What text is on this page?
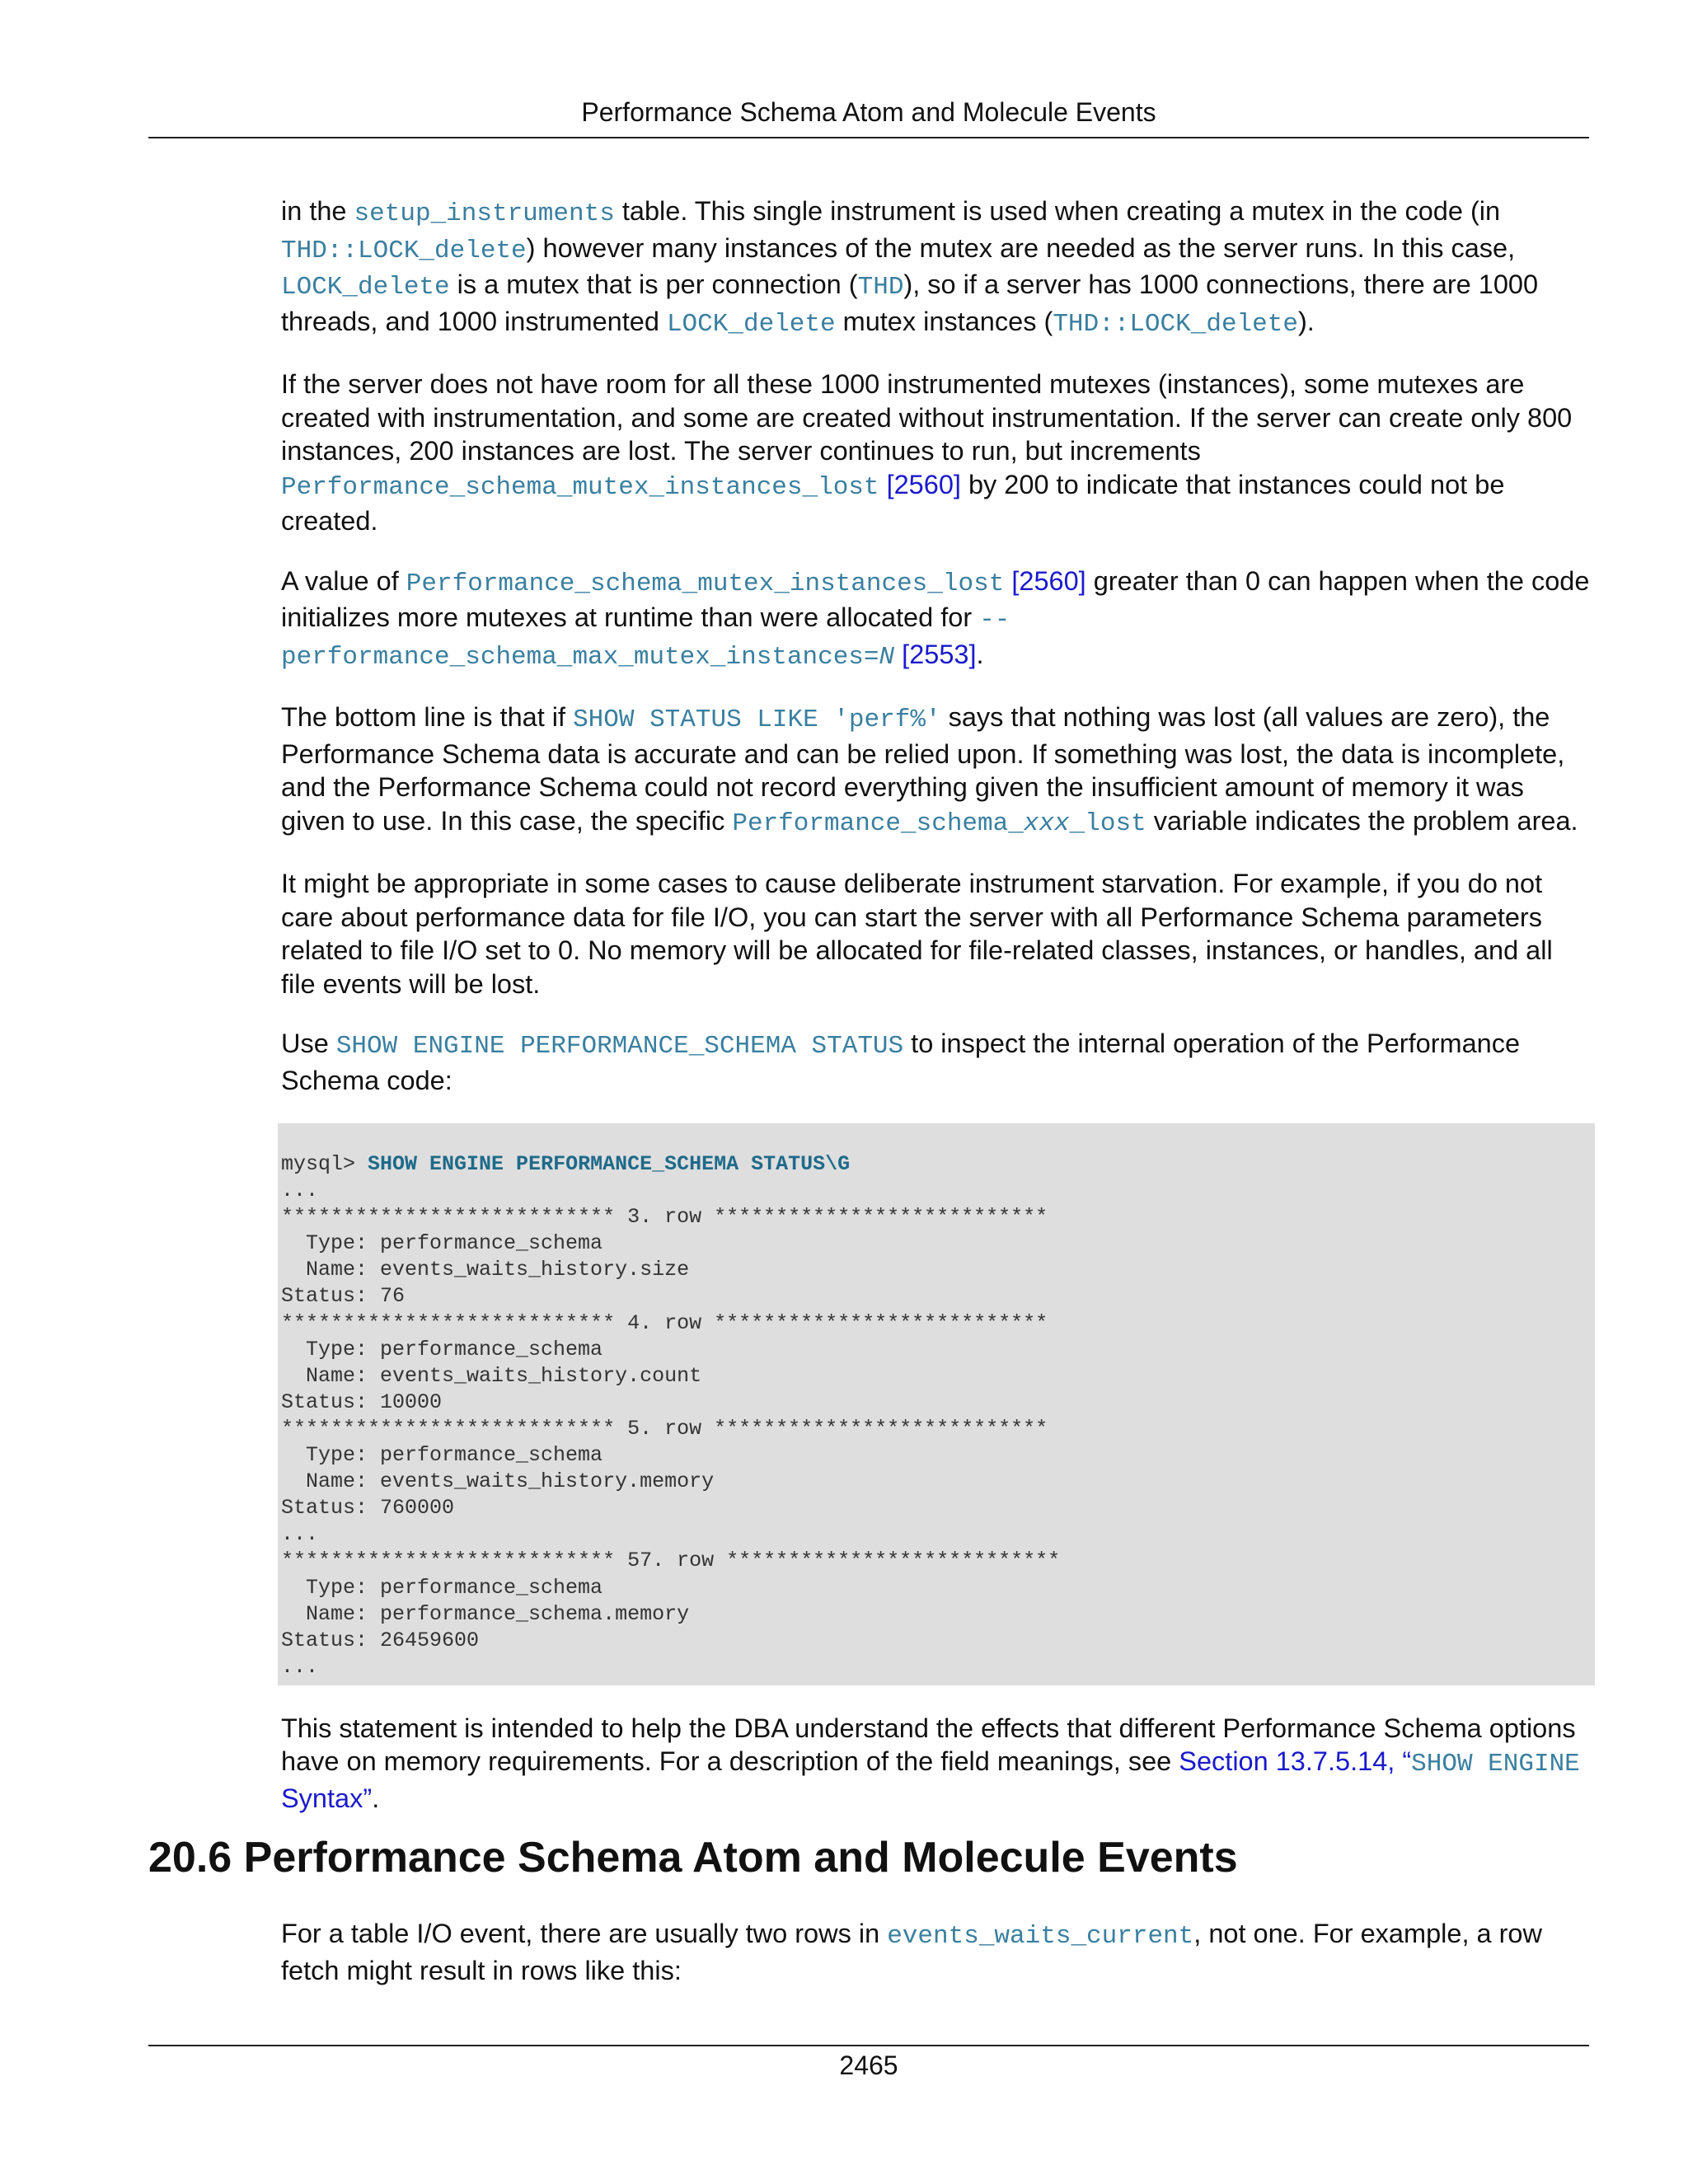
Performance Schema Atom and Molecule Events

in the setup_instruments table. This single instrument is used when creating a mutex in the code (in THD::LOCK_delete) however many instances of the mutex are needed as the server runs. In this case, LOCK_delete is a mutex that is per connection (THD), so if a server has 1000 connections, there are 1000 threads, and 1000 instrumented LOCK_delete mutex instances (THD::LOCK_delete).

If the server does not have room for all these 1000 instrumented mutexes (instances), some mutexes are created with instrumentation, and some are created without instrumentation. If the server can create only 800 instances, 200 instances are lost. The server continues to run, but increments Performance_schema_mutex_instances_lost [2560] by 200 to indicate that instances could not be created.

A value of Performance_schema_mutex_instances_lost [2560] greater than 0 can happen when the code initializes more mutexes at runtime than were allocated for --performance_schema_max_mutex_instances=N [2553].

The bottom line is that if SHOW STATUS LIKE 'perf%' says that nothing was lost (all values are zero), the Performance Schema data is accurate and can be relied upon. If something was lost, the data is incomplete, and the Performance Schema could not record everything given the insufficient amount of memory it was given to use. In this case, the specific Performance_schema_xxx_lost variable indicates the problem area.

It might be appropriate in some cases to cause deliberate instrument starvation. For example, if you do not care about performance data for file I/O, you can start the server with all Performance Schema parameters related to file I/O set to 0. No memory will be allocated for file-related classes, instances, or handles, and all file events will be lost.

Use SHOW ENGINE PERFORMANCE_SCHEMA STATUS to inspect the internal operation of the Performance Schema code:

mysql> SHOW ENGINE PERFORMANCE_SCHEMA STATUS\G
...
*************************** 3. row ***************************
Type: performance_schema
Name: events_waits_history.size
Status: 76
*************************** 4. row ***************************
Type: performance_schema
Name: events_waits_history.count
Status: 10000
*************************** 5. row ***************************
Type: performance_schema
Name: events_waits_history.memory
Status: 760000
...
*************************** 57. row ***************************
Type: performance_schema
Name: performance_schema.memory
Status: 26459600
...

This statement is intended to help the DBA understand the effects that different Performance Schema options have on memory requirements. For a description of the field meanings, see Section 13.7.5.14, “SHOW ENGINE Syntax”.

20.6 Performance Schema Atom and Molecule Events

For a table I/O event, there are usually two rows in events_waits_current, not one. For example, a row fetch might result in rows like this:

2465
